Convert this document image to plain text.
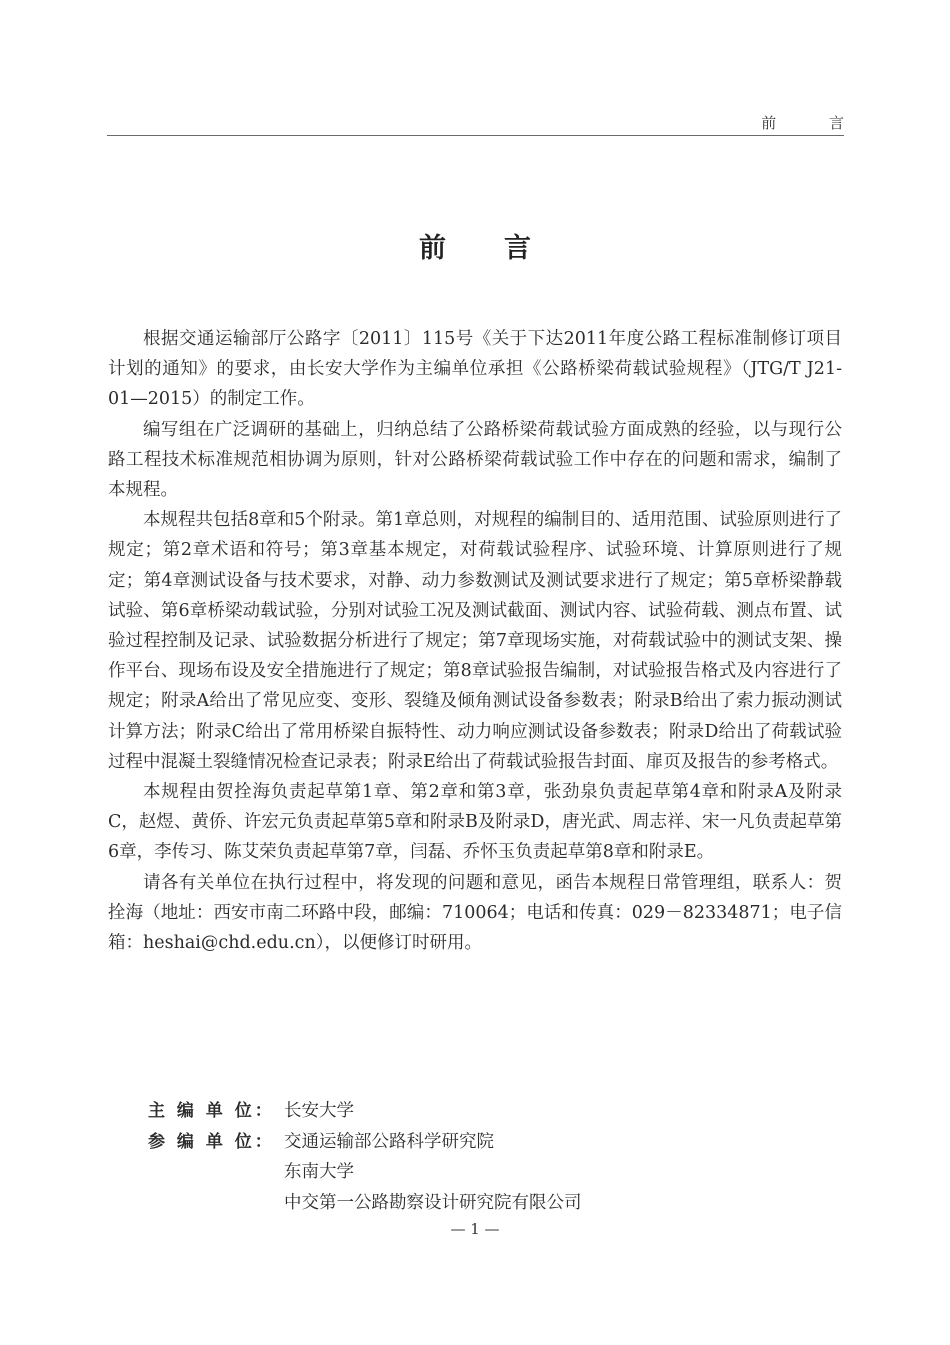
前 言
前言

根据交通运输部厅公路字〔2011〕115号《关于下达2011年度公路工程标准制修订项目计划的通知》的要求，由长安大学作为主编单位承担《公路桥梁荷载试验规程》（JTG/T J21-01—2015）的制定工作。

编写组在广泛调研的基础上，归纳总结了公路桥梁荷载试验方面成熟的经验，以与现行公路工程技术标准规范相协调为原则，针对公路桥梁荷载试验工作中存在的问题和需求，编制了本规程。

本规程共包括8章和5个附录。第1章总则，对规程的编制目的、适用范围、试验原则进行了规定；第2章术语和符号；第3章基本规定，对荷载试验程序、试验环境、计算原则进行了规定；第4章测试设备与技术要求，对静、动力参数测试及测试要求进行了规定；第5章桥梁静载试验、第6章桥梁动载试验，分别对试验工况及测试截面、测试内容、试验荷载、测点布置、试验过程控制及记录、试验数据分析进行了规定；第7章现场实施，对荷载试验中的测试支架、操作平台、现场布设及安全措施进行了规定；第8章试验报告编制，对试验报告格式及内容进行了规定；附录A给出了常见应变、变形、裂缝及倾角测试设备参数表；附录B给出了索力振动测试计算方法；附录C给出了常用桥梁自振特性、动力响应测试设备参数表；附录D给出了荷载试验过程中混凝土裂缝情况检查记录表；附录E给出了荷载试验报告封面、扉页及报告的参考格式。

本规程由贺拴海负责起草第1章、第2章和第3章，张劲泉负责起草第4章和附录A及附录C，赵煜、黄侨、许宏元负责起草第5章和附录B及附录D，唐光武、周志祥、宋一凡负责起草第6章，李传习、陈艾荣负责起草第7章，闫磊、乔怀玉负责起草第8章和附录E。

请各有关单位在执行过程中，将发现的问题和意见，函告本规程日常管理组，联系人：贺拴海（地址：西安市南二环路中段，邮编：710064；电话和传真：029－82334871；电子信箱：heshai@chd.edu.cn），以便修订时研用。

主 编 单 位： 长安大学
参 编 单 位： 交通运输部公路科学研究院
东南大学
中交第一公路勘察设计研究院有限公司
— 1 —
